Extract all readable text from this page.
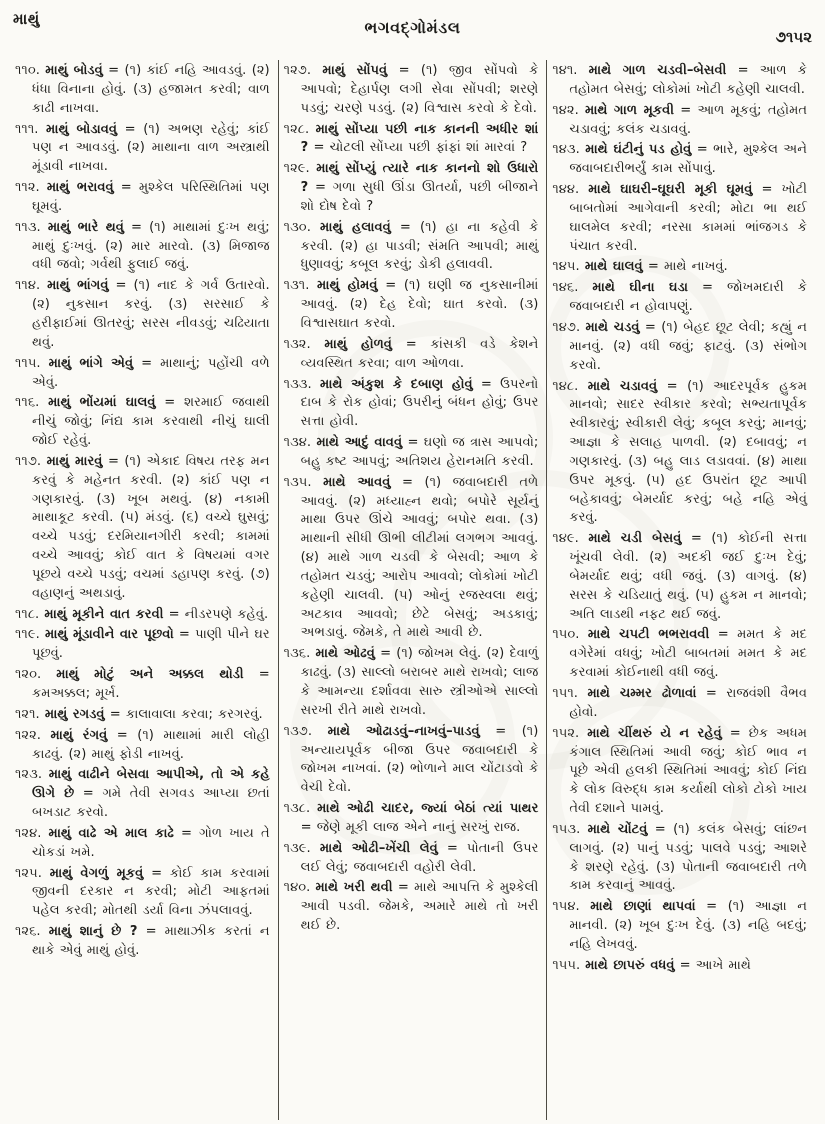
માથું	ભગવદ્ગોમંડલ	૭૧૫૨

૧૧૦. માથું બોડવું = (૧) કાંઈ નહિ આવડવું. (૨) ધંધા વિનાના હોવું. (૩) હજામત કરવી; વાળ કાઢી નાખવા.

૧૧૧. માથું બોડાવવું = (૧) અભણ રહેવું; કાંઈ પણ ન આવડવું. (૨) માથાના વાળ અસ્ત્રાથી મૂંડાવી નાખવા.

૧૧૨. માથું ભરાવવું = મુશ્કેલ પરિસ્થિતિમાં પણ ઘૂમવું.

૧૧૩. માથું ભારે થવું = (૧) માથામાં દુઃખ થવું; માથું દુઃખવું. (૨) માર મારવો. (૩) મિજાજ વધી જવો; ગર્વથી ફુલાઈ જવું.

૧૧૪. માથું ભાંગવું = (૧) નાદ કે ગર્વ ઉતારવો. (૨) નુકસાન કરવું. (૩) સરસાઈ કે હરીફાઈમાં ઊતરવું; સરસ નીવડવું; ચઢિયાતા થવું.

૧૧૫. માથું ભાંગે એવું = માથાનું; પહોંચી વળે એવું.

૧૧૬. માથું ભોંયમાં ઘાલવું = શરમાઈ જવાથી નીચું જોવું; નિંદ્ય કામ કરવાથી નીચું ઘાલી જોઈ રહેવું.

૧૧૭. માથું મારવું = (૧) એકાદ વિષય તરફ મન કરવું કે મહેનત કરવી. (૨) કાંઈ પણ ન ગણકારવું. (૩) ખૂબ મથવું. (૪) નકામી માથાકૂટ કરવી. (૫) મંડવું. (૬) વચ્ચે ઘુસવું; વચ્ચે પડવું; દરમિયાનગીરી કરવી; કામમાં વચ્ચે આવવું; કોઈ વાત કે વિષયમાં વગર પૂછયે વચ્ચે પડવું; વચમાં ડહાપણ કરવું. (૭) વહાણનું અથડાવું.

૧૧૮. માથું મૂકીને વાત કરવી = નીડરપણે કહેવું.

૧૧૯. માથું મૂંડાવીને વાર પૂછવો = પાણી પીને ઘર પૂછવું.

૧૨૦. માથું મોટું અને અક્કલ થોડી = કમઅક્કલ; મૂર્ખ.

૧૨૧. માથું રગડવું = કાલાવાલા કરવા; કરગરવું.

૧૨૨. માથું રંગવું = (૧) માથામાં મારી લોહી કાઢવું. (૨) માથું ફોડી નાખવું.

૧૨૩. માથું વાઢીને બેસવા આપીએ, તો એ કહે ઊગે છે = ગમે તેવી સગવડ આપ્યા છતાં બખડાટ કરવો.

૧૨૪. માથું વાઢે એ માલ કાઢે = ગોળ ખાય તે ચોકડાં ખમે.

૧૨૫. માથું વેગળું મૂકવું = કોઈ કામ કરવામાં જીવની દરકાર ન કરવી; મોટી આફતમાં પહેલ કરવી; મોતથી ડર્યા વિના ઝંપલાવવું.

૧૨૬. માથું શાનું છે ? = માથાઝીક કરતાં ન થાકે એવું માથું હોવું.

૧૨૭. માથું સોંપવું = (૧) જીવ સોંપવો કે આપવો; દેહાર્પણ લગી સેવા સોંપવી; શરણે પડવું; ચરણે પડવું. (૨) વિશ્વાસ કરવો કે દેવો.

૧૨૮. માથું સોંપ્યા પછી નાક કાનની અધીર શાં ? = ચોટલી સોંપ્યા પછી ફાંફાં શાં મારવાં ?

૧૨૯. માથું સોંપ્યું ત્યારે નાક કાનનો શો ઉધારો ? = ગળા સુધી ઊંડા ઊતર્યા, પછી બીજાને શો દોષ દેવો ?

૧૩૦. માથું હલાવવું = (૧) હા ના કહેવી કે કરવી. (૨) હા પાડવી; સંમતિ આપવી; માથું ધુણાવવું; કબૂલ કરવું; ડોકી હલાવવી.

૧૩૧. માથું હોમવું = (૧) ઘણી જ નુકસાનીમાં આવવું. (૨) દેહ દેવો; ઘાત કરવો. (૩) વિશ્વાસઘાત કરવો.

૧૩૨. માથું હોળવું = કાંસકી વડે કેશને વ્યવસ્થિત કરવા; વાળ ઓળવા.

૧૩૩. માથે અંકુશ કે દબાણ હોવું = ઉપરનો દાબ કે રોક હોવાં; ઉપરીનું બંધન હોવું; ઉપર સત્તા હોવી.

૧૩૪. માથે આદું વાવવું = ઘણો જ ત્રાસ આપવો; બહુ કષ્ટ આપવું; અતિશય હેરાનમતિ કરવી.

૧૩૫. માથે આવવું = (૧) જવાબદારી તળે આવવું. (૨) મધ્યાહ્ન થવો; બપોરે સૂર્યનું માથા ઉપર ઊંચે આવવું; બપોર થવા. (૩) માથાની સીધી ઊભી લીટીમાં લગભગ આવવું. (૪) માથે ગાળ ચડવી કે બેસવી; આળ કે તહોમત ચડવું; આરોપ આવવો; લોકોમાં ખોટી કહેણી ચાલવી. (૫) ઓનું રજસ્વલા થવું; અટકાવ આવવો; છેટે બેસવું; અડકાવું; અભડાવું. જેમકે, તે માથે આવી છે.

૧૩૬. માથે ઓઢવું = (૧) જોખમ લેવું. (૨) દેવાળું કાઢવું. (૩) સાલ્લો બરાબર માથે રાખવો; લાજ કે આમન્યા દર્શાવવા સારુ સ્ત્રીઓએ સાલ્લો સરખી રીતે માથે રાખવો.

૧૩૭. માથે ઓઢાડવું–નાખવું–પાડવું = (૧) અન્યાયપૂર્વક બીજા ઉપર જવાબદારી કે જોખમ નાખવાં. (૨) ભોળાને માલ ચોંટાડવો કે વેચી દેવો.

૧૩૮. માથે ઓઢી ચાદર, જ્યાં બેઠાં ત્યાં પાથર = જેણે મૂકી લાજ એને નાનું સરખું રાજ.

૧૩૯. માથે ઓઢી–ખેંચી લેવું = પોતાની ઉપર લઈ લેવું; જવાબદારી વહોરી લેવી.

૧૪૦. માથે ખરી થવી = માથે આપત્તિ કે મુશ્કેલી આવી પડવી. જેમકે, અમારે માથે તો ખરી થઈ છે.

૧૪૧. માથે ગાળ ચડવી–બેસવી = આળ કે તહોમત બેસવું; લોકોમાં ખોટી કહેણી ચાલવી.

૧૪૨. માથે ગાળ મૂકવી = આળ મૂકવું; તહોમત ચડાવવું; કલંક ચડાવવું.

૧૪૩. માથે ઘંટીનું પડ હોવું = ભારે, મુશ્કેલ અને જવાબદારીભર્યું કામ સોંપાવું.

૧૪૪. માથે ઘાઘરી–ઘૂઘરી મૂકી ઘૂમવું = ખોટી બાબતોમાં આગેવાની કરવી; મોટા ભા થઈ ઘાલમેલ કરવી; નરસા કામમાં ભાંજગડ કે પંચાત કરવી.

૧૪૫. માથે ઘાલવું = માથે નાખવું.

૧૪૬. માથે ઘીના ઘડા = જોખમદારી કે જવાબદારી ન હોવાપણું.

૧૪૭. માથે ચડવું = (૧) બેહદ છૂટ લેવી; કહ્યું ન માનવું. (૨) વધી જવું; ફાટવું. (૩) સંભોગ કરવો.

૧૪૮. માથે ચડાવવું = (૧) આદરપૂર્વક હુકમ માનવો; સાદર સ્વીકાર કરવો; સભ્યતાપૂર્વક સ્વીકારવું; સ્વીકારી લેવું; કબૂલ કરવું; માનવું; આજ્ઞા કે સલાહ પાળવી. (૨) દબાવવું; ન ગણકારવું. (૩) બહુ લાડ લડાવવાં. (૪) માથા ઉપર મૂકવું. (૫) હદ ઉપરાંત છૂટ આપી બહેકાવવું; બેમર્યાદ કરવું; બહે નહિ એવું કરવું.

૧૪૯. માથે ચડી બેસવું = (૧) કોઈની સત્તા ખૂંચવી લેવી. (૨) અદકી જઈ દુઃખ દેવું; બેમર્યાદ થવું; વધી જવું. (૩) વાગવું. (૪) સરસ કે ચડિયાતું થવું. (૫) હુકમ ન માનવો; અતિ લાડથી નફટ થઈ જવું.

૧૫૦. માથે ચપટી ભભરાવવી = મમત કે મદ વગેરેમાં વધવું; ખોટી બાબતમાં મમત કે મદ કરવામાં કોઈનાથી વધી જવું.

૧૫૧. માથે ચમ્મર ઢોળાવાં = રાજવંશી વૈભવ હોવો.

૧૫૨. માથે ચીંથરું યે ન રહેવું = છેક અધમ કંગાલ સ્થિતિમાં આવી જવું; કોઈ ભાવ ન પૂછે એવી હલકી સ્થિતિમાં આવવું; કોઈ નિંદ્ય કે લોક વિરુદ્ધ કામ કર્યાથી લોકો ટોકો ખાય તેવી દશાને પામવું.

૧૫૩. માથે ચોંટવું = (૧) કલંક બેસવું; લાંછન લાગવું. (૨) પાનું પડવું; પાલવે પડવું; આશરે કે શરણે રહેવું. (૩) પોતાની જવાબદારી તળે કામ કરવાનું આવવું.

૧૫૪. માથે છાણાં થાપવાં = (૧) આજ્ઞા ન માનવી. (૨) ખૂબ દુઃખ દેવું. (૩) નહિ બદવું; નહિ લેખવવું.

૧૫૫. માથે છાપરું વધવું = આખે માથે
